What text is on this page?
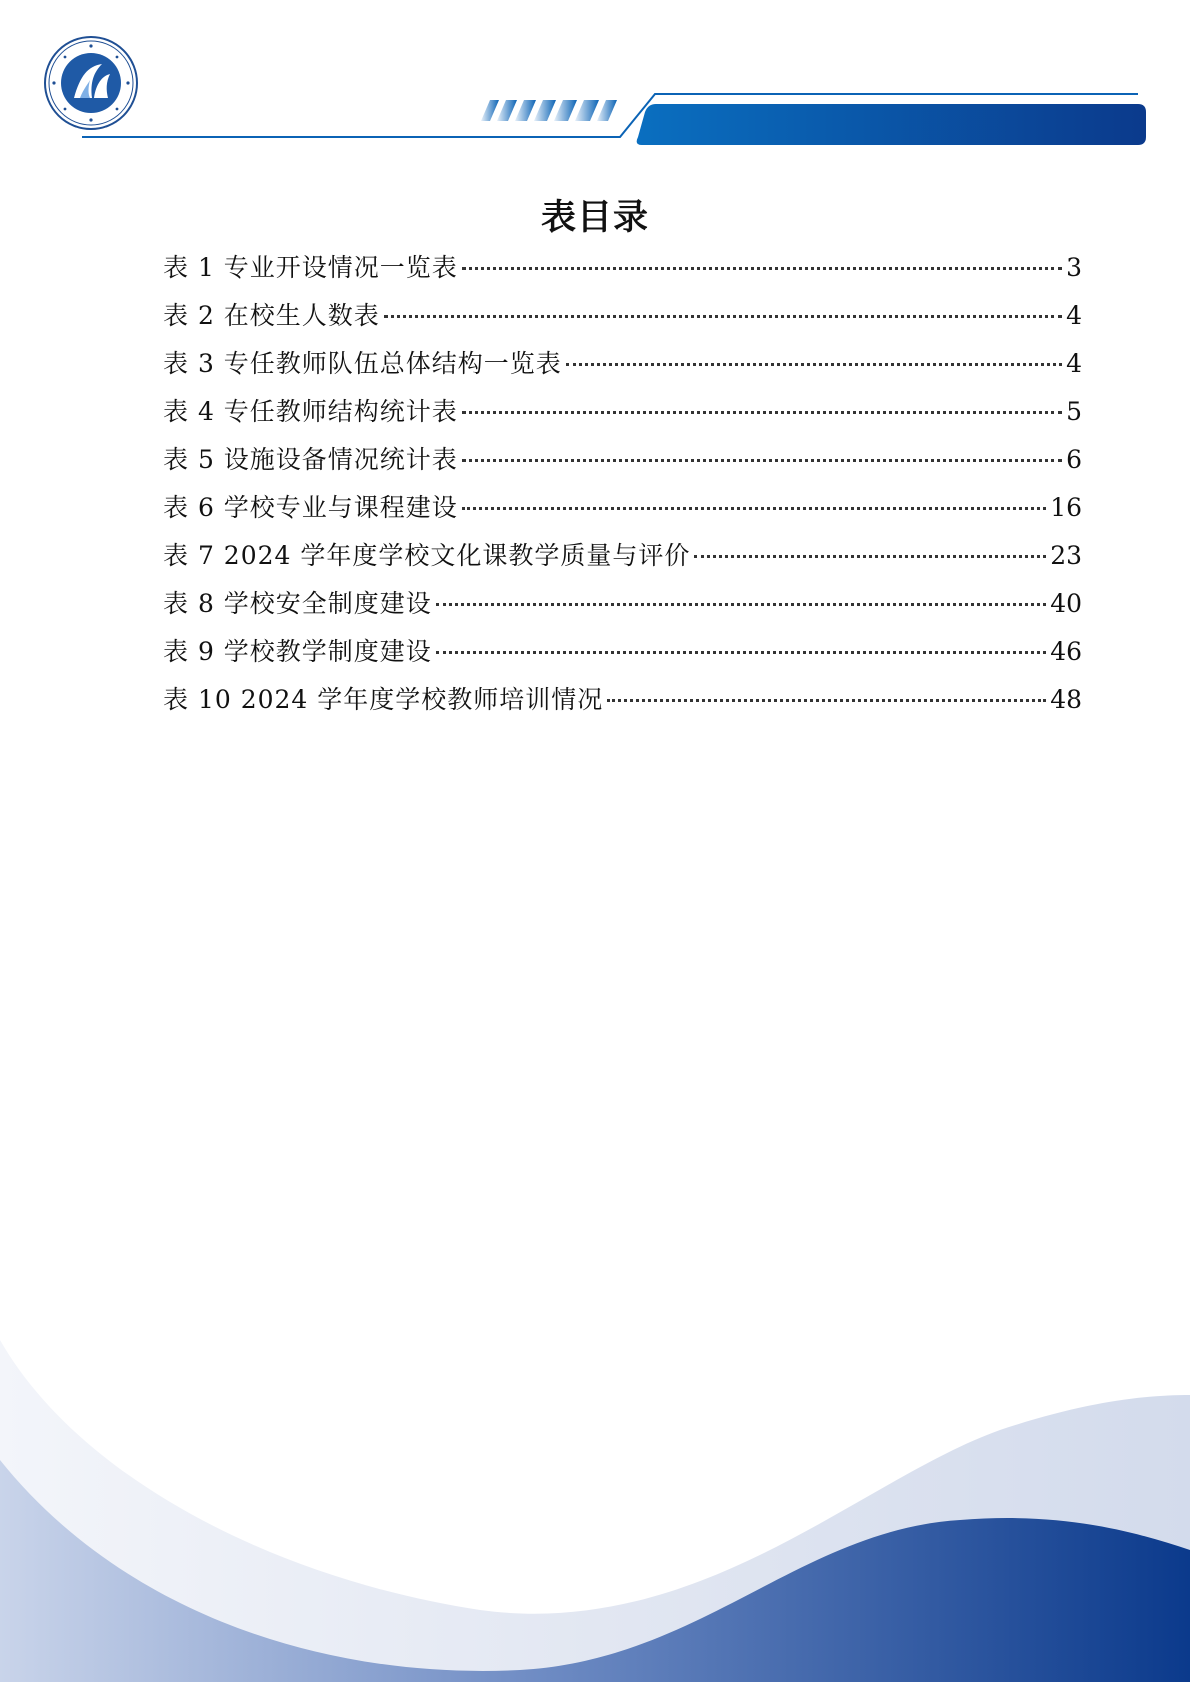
表目录
表 1 专业开设情况一览表	3
表 2 在校生人数表	4
表 3 专任教师队伍总体结构一览表	4
表 4 专任教师结构统计表	5
表 5 设施设备情况统计表	6
表 6 学校专业与课程建设	16
表 7 2024 学年度学校文化课教学质量与评价	23
表 8 学校安全制度建设	40
表 9 学校教学制度建设	46
表 10 2024 学年度学校教师培训情况	48
